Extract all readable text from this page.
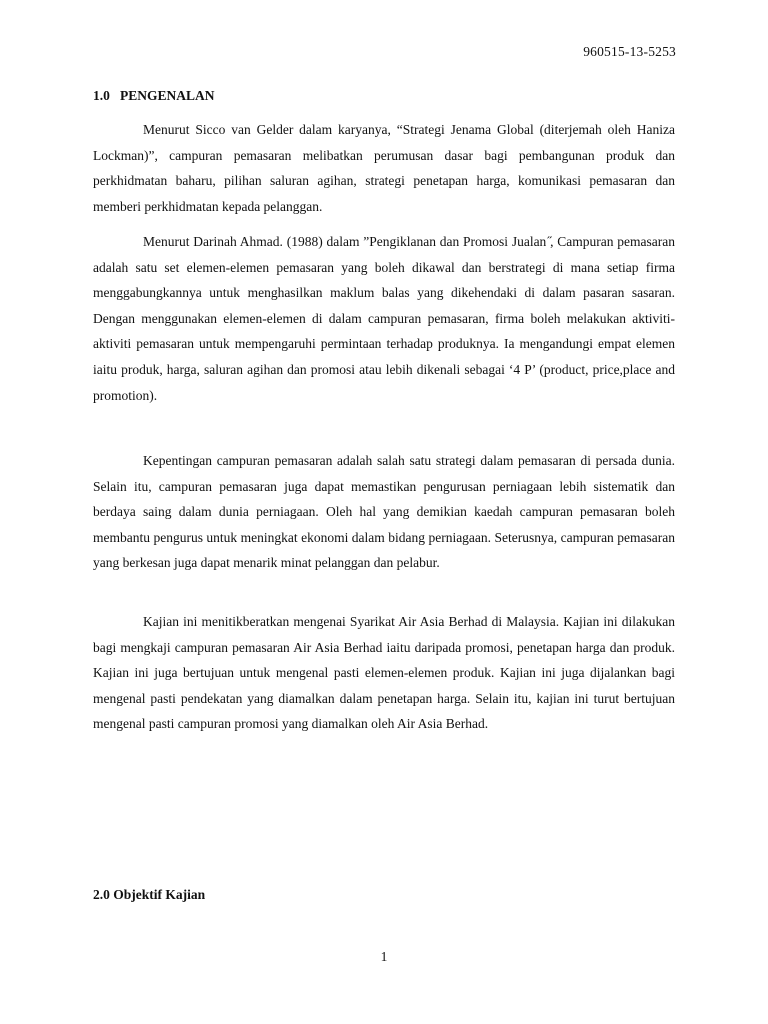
960515-13-5253
1.0   PENGENALAN

Menurut Sicco van Gelder dalam karyanya, “Strategi Jenama Global (diterjemah oleh Haniza Lockman)”, campuran pemasaran melibatkan perumusan dasar bagi pembangunan produk dan perkhidmatan baharu, pilihan saluran agihan, strategi penetapan harga, komunikasi pemasaran dan memberi perkhidmatan kepada pelanggan.

Menurut Darinah Ahmad. (1988) dalam ”Pengiklanan dan Promosi Jualan ̋, Campuran pemasaran adalah satu set elemen-elemen pemasaran yang boleh dikawal dan berstrategi di mana setiap firma menggabungkannya untuk menghasilkan maklum balas yang dikehendaki di dalam pasaran sasaran. Dengan menggunakan elemen-elemen di dalam campuran pemasaran, firma boleh melakukan aktiviti-aktiviti pemasaran untuk mempengaruhi permintaan terhadap produknya. Ia mengandungi empat elemen iaitu produk, harga, saluran agihan dan promosi atau lebih dikenali sebagai ‘4 P’ (product, price,place and promotion).

Kepentingan campuran pemasaran adalah salah satu strategi dalam pemasaran di persada dunia. Selain itu, campuran pemasaran juga dapat memastikan pengurusan perniagaan lebih sistematik dan berdaya saing dalam dunia perniagaan. Oleh hal yang demikian kaedah campuran pemasaran boleh membantu pengurus untuk meningkat ekonomi dalam bidang perniagaan. Seterusnya, campuran pemasaran yang berkesan juga dapat menarik minat pelanggan dan pelabur.

Kajian ini menitikberatkan mengenai Syarikat Air Asia Berhad di Malaysia. Kajian ini dilakukan bagi mengkaji campuran pemasaran Air Asia Berhad iaitu daripada promosi, penetapan harga dan produk. Kajian ini juga bertujuan untuk mengenal pasti elemen-elemen produk. Kajian ini juga dijalankan bagi mengenal pasti pendekatan yang diamalkan dalam penetapan harga. Selain itu, kajian ini turut bertujuan mengenal pasti campuran promosi yang diamalkan oleh Air Asia Berhad.

2.0 Objektif Kajian
1
